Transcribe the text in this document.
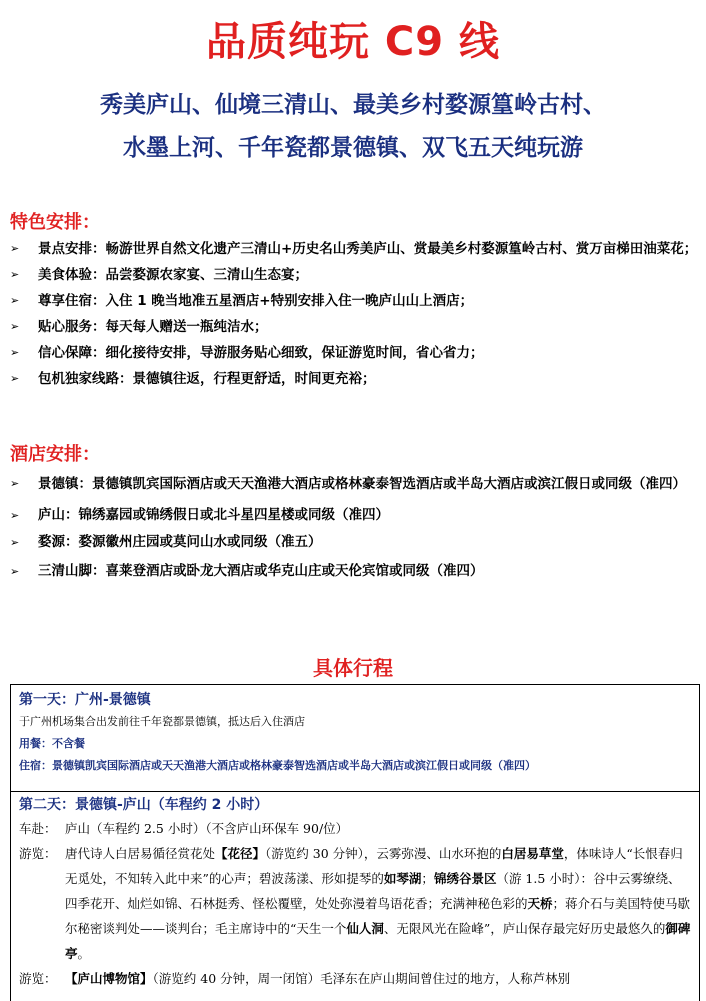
品质纯玩 C9 线
秀美庐山、仙境三清山、最美乡村婺源篁岭古村、
水墨上河、千年瓷都景德镇、双飞五天纯玩游
特色安排：
➢ 景点安排：畅游世界自然文化遗产三清山+历史名山秀美庐山、赏最美乡村婺源篁岭古村、赏万亩梯田油菜花；
➢ 美食体验：品尝婺源农家宴、三清山生态宴；
➢ 尊享住宿：入住 1 晚当地准五星酒店+特别安排入住一晚庐山山上酒店；
➢ 贴心服务：每天每人赠送一瓶纯洁水；
➢ 信心保障：细化接待安排，导游服务贴心细致，保证游览时间，省心省力；
➢ 包机独家线路：景德镇往返，行程更舒适，时间更充裕；
酒店安排：
➢ 景德镇：景德镇凯宾国际酒店或天天渔港大酒店或格林豪泰智选酒店或半岛大酒店或滨江假日或同级（准四）
➢ 庐山：锦绣嘉园或锦绣假日或北斗星四星楼或同级（准四）
➢ 婺源：婺源徽州庄园或莫问山水或同级（准五）
➢ 三清山脚：喜莱登酒店或卧龙大酒店或华克山庄或天伦宾馆或同级（准四）
具体行程
第一天：广州-景德镇
于广州机场集合出发前往千年瓷都景德镇，抵达后入住酒店
用餐：不含餐
住宿：景德镇凯宾国际酒店或天天渔港大酒店或格林豪泰智选酒店或半岛大酒店或滨江假日或同级（准四）
第二天：景德镇-庐山（车程约 2 小时）
车赴： 庐山（车程约 2.5 小时）（不含庐山环保车 90/位）
游览： 唐代诗人白居易循径赏花处【花径】（游览约 30 分钟），云雾弥漫、山水环抱的白居易草堂，体味诗人“长恨春归无觅处，不知转入此中来”的心声；碧波荡漾、形如提琴的如琴湖；锦绣谷景区（游 1.5 小时）：谷中云雾缭绕、四季花开、灿烂如锦、石林挺秀、怪松覆壁，处处弥漫着鸟语花香；充满神秘色彩的天桥；蒋介石与美国特使马歇尔秘密谈判处——谈判台；毛主席诗中的“天生一个仙人洞、无限风光在险峰”，庐山保存最完好历史最悠久的御碑亭。
游览： 【庐山博物馆】（游览约 40 分钟，周一闭馆）毛泽东在庐山期间曾住过的地方，人称芦林别
